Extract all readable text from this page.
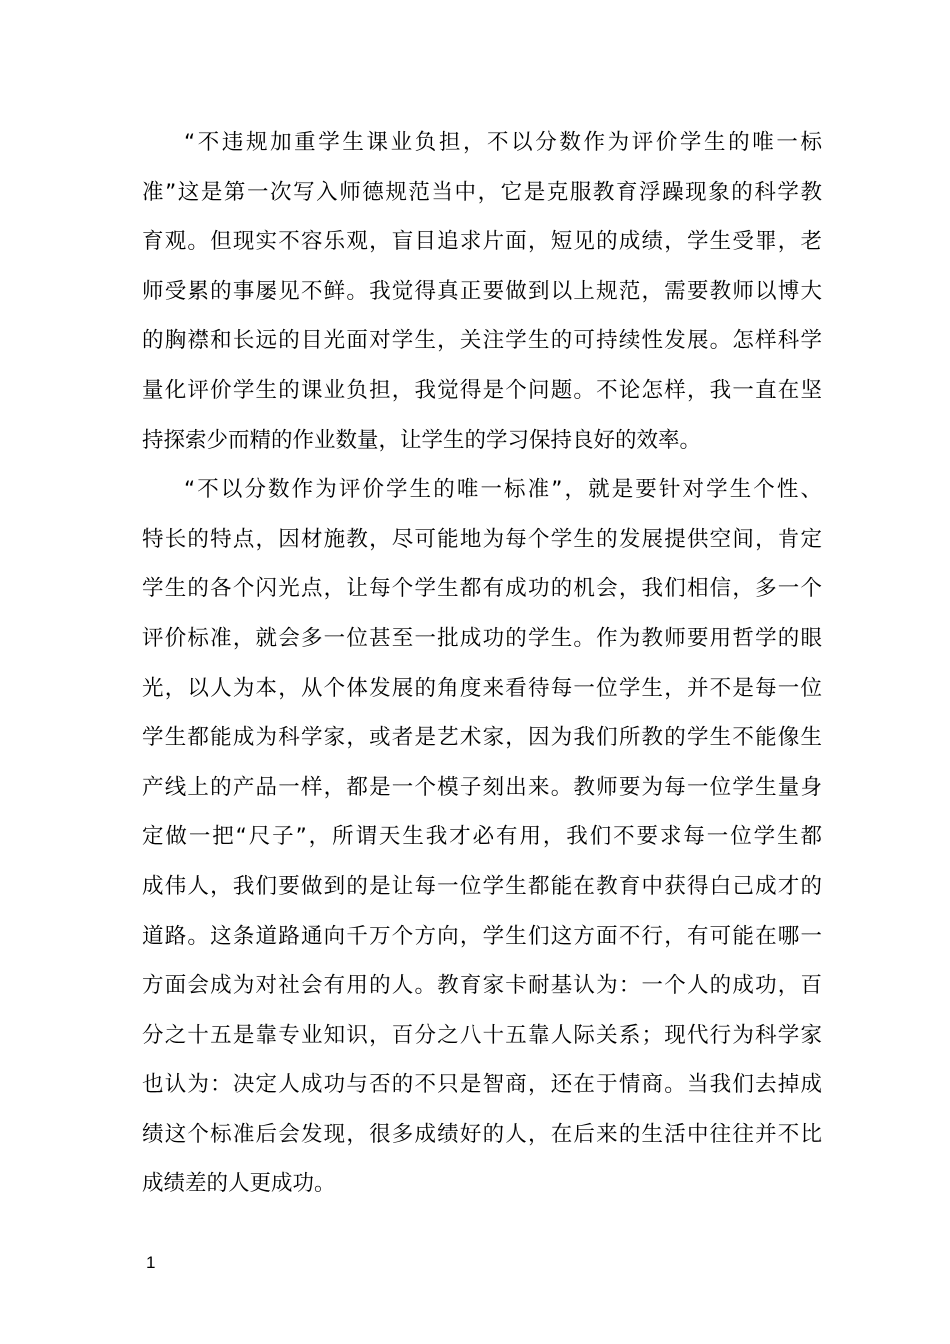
“不违规加重学生课业负担，不以分数作为评价学生的唯一标
准”这是第一次写入师德规范当中，它是克服教育浮躁现象的科学教
育观。但现实不容乐观，盲目追求片面，短见的成绩，学生受罪，老
师受累的事屡见不鲜。我觉得真正要做到以上规范，需要教师以博大
的胸襟和长远的目光面对学生，关注学生的可持续性发展。怎样科学
量化评价学生的课业负担，我觉得是个问题。不论怎样，我一直在坚
持探索少而精的作业数量，让学生的学习保持良好的效率。
“不以分数作为评价学生的唯一标准”，就是要针对学生个性、
特长的特点，因材施教，尽可能地为每个学生的发展提供空间，肯定
学生的各个闪光点，让每个学生都有成功的机会，我们相信，多一个
评价标准，就会多一位甚至一批成功的学生。作为教师要用哲学的眼
光，以人为本，从个体发展的角度来看待每一位学生，并不是每一位
学生都能成为科学家，或者是艺术家，因为我们所教的学生不能像生
产线上的产品一样，都是一个模子刻出来。教师要为每一位学生量身
定做一把“尺子”，所谓天生我才必有用，我们不要求每一位学生都
成伟人，我们要做到的是让每一位学生都能在教育中获得白己成才的
道路。这条道路通向千万个方向，学生们这方面不行，有可能在哪一
方面会成为对社会有用的人。教育家卡耐基认为：一个人的成功，百
分之十五是靠专业知识，百分之八十五靠人际关系；现代行为科学家
也认为：决定人成功与否的不只是智商，还在于情商。当我们去掉成
绩这个标准后会发现，很多成绩好的人，在后来的生活中往往并不比
成绩差的人更成功。
1
